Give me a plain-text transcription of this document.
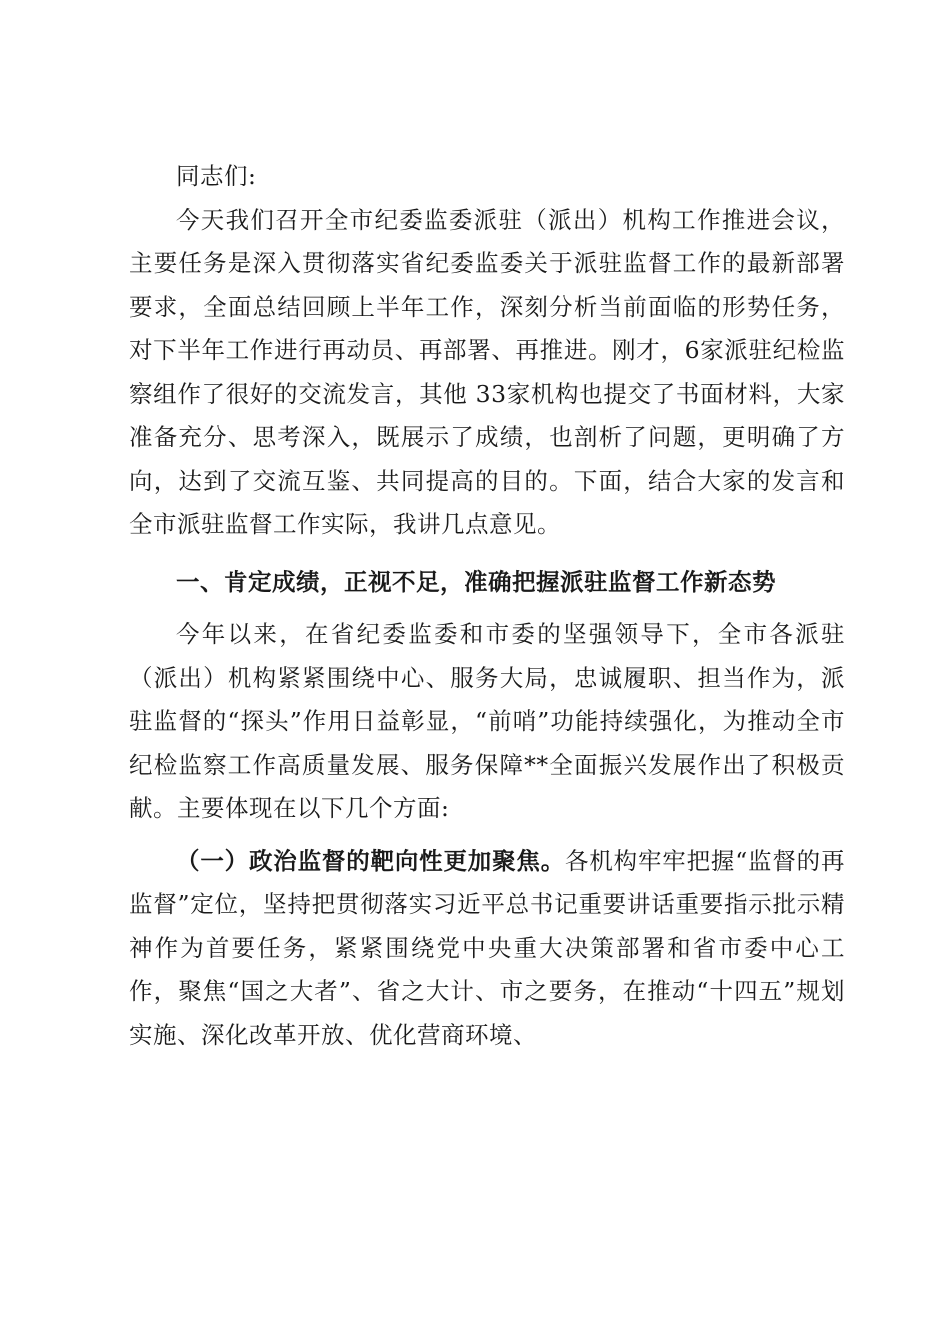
同志们:

今天我们召开全市纪委监委派驻（派出）机构工作推进会议，主要任务是深入贯彻落实省纪委监委关于派驻监督工作的最新部署要求，全面总结回顾上半年工作，深刻分析当前面临的形势任务，对下半年工作进行再动员、再部署、再推进。刚才，6家派驻纪检监察组作了很好的交流发言，其他 33家机构也提交了书面材料，大家准备充分、思考深入，既展示了成绩，也剖析了问题，更明确了方向，达到了交流互鉴、共同提高的目的。下面，结合大家的发言和全市派驻监督工作实际，我讲几点意见。

一、肯定成绩，正视不足，准确把握派驻监督工作新态势

今年以来，在省纪委监委和市委的坚强领导下，全市各派驻（派出）机构紧紧围绕中心、服务大局，忠诚履职、担当作为，派驻监督的“探头”作用日益彰显，“前哨”功能持续强化，为推动全市纪检监察工作高质量发展、服务保障**全面振兴发展作出了积极贡献。主要体现在以下几个方面:

（一）政治监督的靶向性更加聚焦。各机构牢牢把握“监督的再监督”定位，坚持把贯彻落实习近平总书记重要讲话重要指示批示精神作为首要任务，紧紧围绕党中央重大决策部署和省市委中心工作，聚焦“国之大者”、省之大计、市之要务，在推动“十四五”规划实施、深化改革开放、优化营商环境、
